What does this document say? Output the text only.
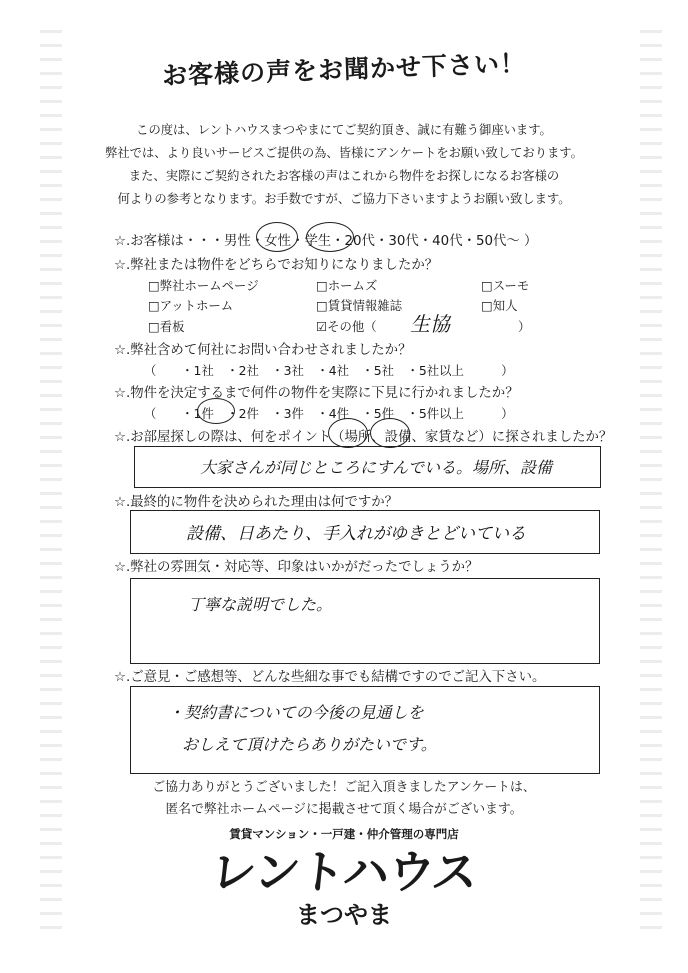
お客様の声をお聞かせ下さい！
この度は、レントハウスまつやまにてご契約頂き、誠に有難う御座います。
弊社では、より良いサービスご提供の為、皆様にアンケートをお願い致しております。
また、実際にご契約されたお客様の声はこれから物件をお探しになるお客様の
何よりの参考となります。お手数ですが、ご協力下さいますようお願い致します。
☆.お客様は・・・男性・女性・学生・20代・30代・40代・50代～ ）
☆.弊社または物件をどちらでお知りになりましたか？
□弊社ホームページ	□ホームズ	□スーモ
□アットホーム	□賃貸情報雑誌	□知人
□看板	☑その他（ 生協	）
☆.弊社含めて何社にお問い合わせされましたか？
（　　・1社　・2社　・3社　・4社　・5社　・5社以上　　　）
☆.物件を決定するまで何件の物件を実際に下見に行かれましたか？
（　　・1件　・2件　・3件　・4件　・5件　・5件以上　　　）
☆.お部屋探しの際は、何をポイント（場所、設備、家賃など）に探されましたか？
大家さんが同じところにすんでいる。場所、設備
☆.最終的に物件を決められた理由は何ですか？
設備、日あたり、手入れがゆきとどいている
☆.弊社の雰囲気・対応等、印象はいかがだったでしょうか？
丁寧な説明でした。
☆.ご意見・ご感想等、どんな些細な事でも結構ですのでご記入下さい。
・契約書についての今後の見通しを
おしえて頂けたらありがたいです。
ご協力ありがとうございました！ご記入頂きましたアンケートは、
匿名で弊社ホームページに掲載させて頂く場合がございます。
賃貸マンション・一戸建・仲介管理の専門店
レントハウス
まつやま
